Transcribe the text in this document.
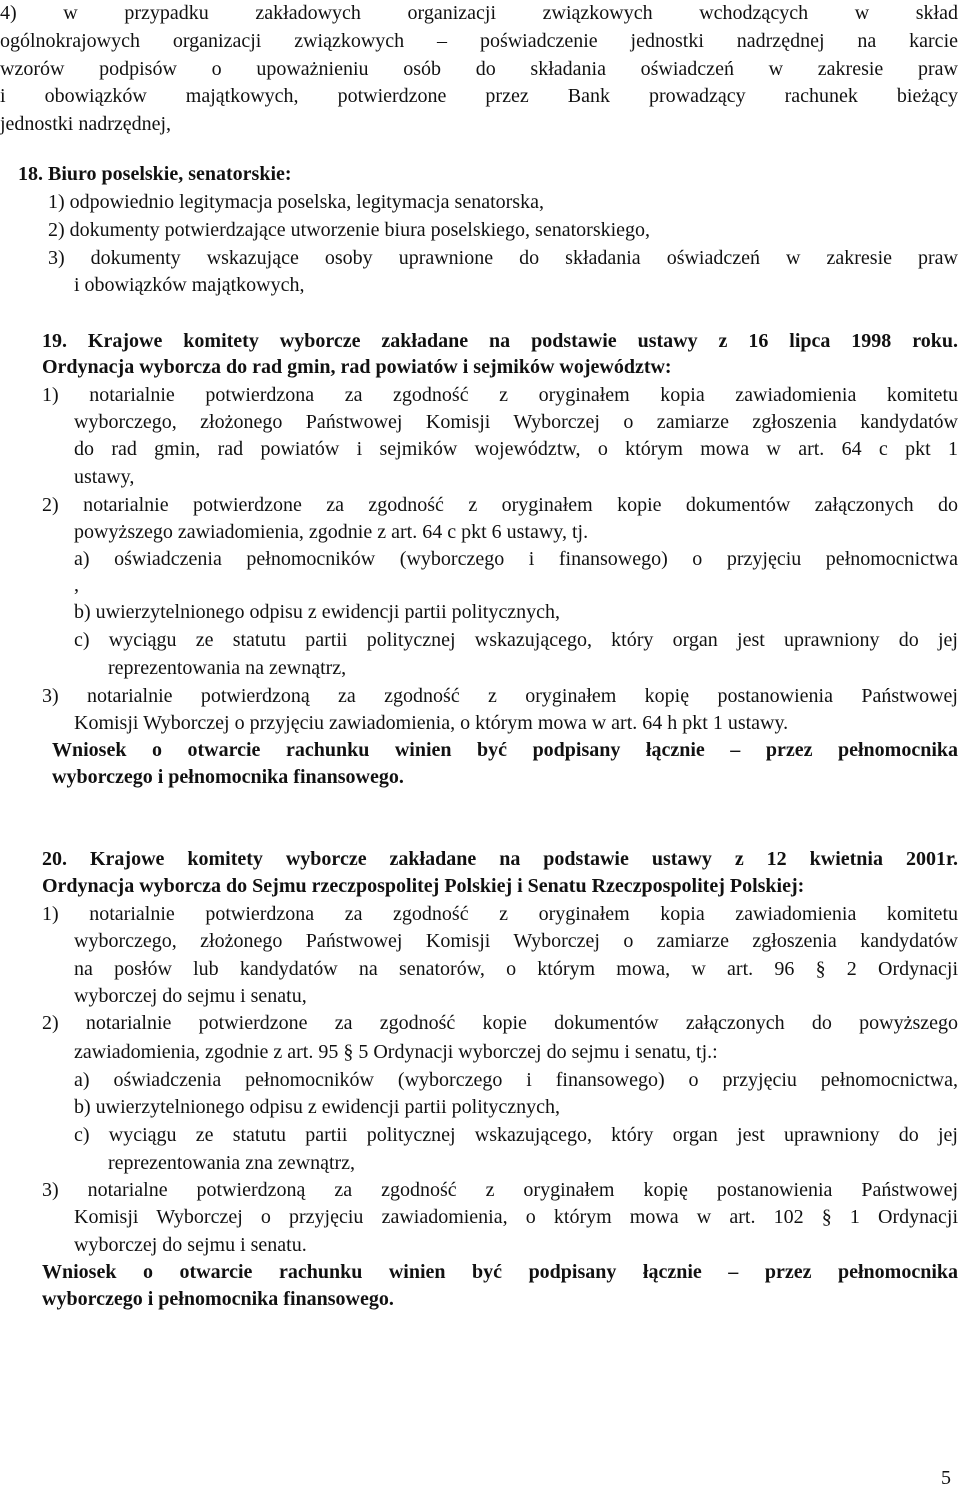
4) w przypadku zakładowych organizacji związkowych wchodzących w skład
ogólnokrajowych organizacji związkowych – poświadczenie jednostki nadrzędnej na karcie
wzorów podpisów o upoważnieniu osób do składania oświadczeń w zakresie praw
i obowiązków majątkowych, potwierdzone przez Bank prowadzący rachunek bieżący
jednostki nadrzędnej,
18. Biuro poselskie, senatorskie:
1) odpowiednio legitymacja poselska, legitymacja senatorska,
2) dokumenty potwierdzające utworzenie biura poselskiego, senatorskiego,
3) dokumenty wskazujące osoby uprawnione do składania oświadczeń w zakresie praw
i obowiązków majątkowych,
19. Krajowe komitety wyborcze zakładane na podstawie ustawy z 16 lipca 1998 roku.
Ordynacja wyborcza do rad gmin, rad powiatów i sejmików województw:
1) notarialnie potwierdzona za zgodność z oryginałem kopia zawiadomienia komitetu
wyborczego, złożonego Państwowej Komisji Wyborczej o zamiarze zgłoszenia kandydatów
do rad gmin, rad powiatów i sejmików województw, o którym mowa w art. 64 c pkt 1
ustawy,
2) notarialnie potwierdzone za zgodność z oryginałem kopie dokumentów załączonych do
powyższego zawiadomienia, zgodnie z art. 64 c pkt 6 ustawy, tj.
a) oświadczenia pełnomocników (wyborczego i finansowego) o przyjęciu pełnomocnictwa
,
b) uwierzytelnionego odpisu z ewidencji partii politycznych,
c) wyciągu ze statutu partii politycznej wskazującego, który organ jest uprawniony do jej
reprezentowania na zewnątrz,
3) notarialnie potwierdzoną za zgodność z oryginałem kopię postanowienia Państwowej
Komisji Wyborczej o przyjęciu zawiadomienia, o którym mowa w art. 64 h pkt 1 ustawy.
Wniosek o otwarcie rachunku winien być podpisany łącznie – przez pełnomocnika
wyborczego i pełnomocnika finansowego.
20. Krajowe komitety wyborcze zakładane na podstawie ustawy z 12 kwietnia 2001r.
Ordynacja wyborcza do Sejmu rzeczpospolitej Polskiej i Senatu Rzeczpospolitej Polskiej:
1) notarialnie potwierdzona za zgodność z oryginałem kopia zawiadomienia komitetu
wyborczego, złożonego Państwowej Komisji Wyborczej o zamiarze zgłoszenia kandydatów
na posłów lub kandydatów na senatorów, o którym mowa, w art. 96 § 2 Ordynacji
wyborczej do sejmu i senatu,
2) notarialnie potwierdzone za zgodność kopie dokumentów załączonych do powyższego
zawiadomienia, zgodnie z art. 95 § 5 Ordynacji wyborczej do sejmu i senatu, tj.:
a) oświadczenia pełnomocników (wyborczego i finansowego) o przyjęciu pełnomocnictwa,
b) uwierzytelnionego odpisu z ewidencji partii politycznych,
c) wyciągu ze statutu partii politycznej wskazującego, który organ jest uprawniony do jej
reprezentowania zna zewnątrz,
3) notarialne potwierdzoną za zgodność z oryginałem kopię postanowienia Państwowej
Komisji Wyborczej o przyjęciu zawiadomienia, o którym mowa w art. 102 § 1 Ordynacji
wyborczej do sejmu i senatu.
Wniosek o otwarcie rachunku winien być podpisany łącznie – przez pełnomocnika
wyborczego i pełnomocnika finansowego.
5
